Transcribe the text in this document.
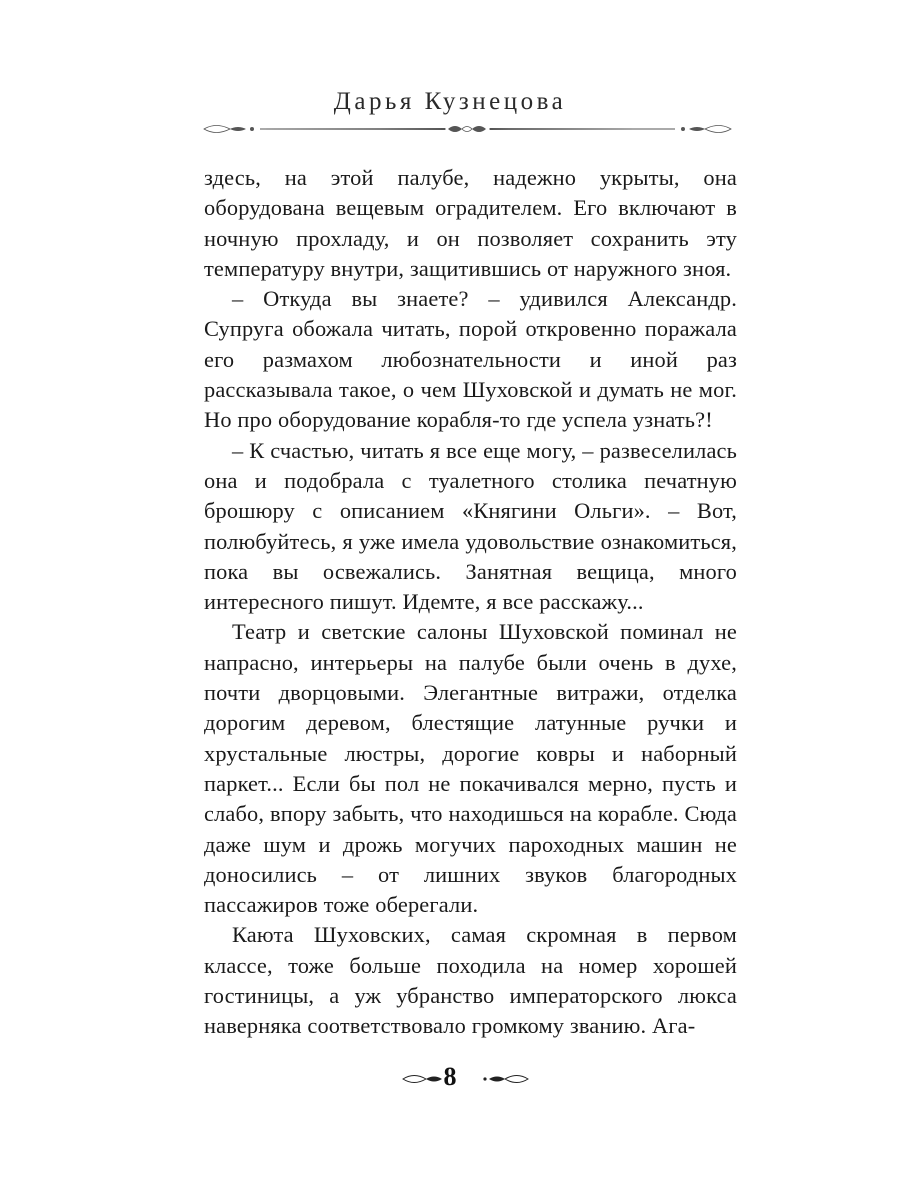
Дарья Кузнецова

здесь, на этой палубе, надежно укрыты, она оборудована вещевым оградителем. Его включают в ночную прохладу, и он позволяет сохранить эту температуру внутри, защитившись от наружного зноя.

– Откуда вы знаете? – удивился Александр. Супруга обожала читать, порой откровенно поражала его размахом любознательности и иной раз рассказывала такое, о чем Шуховской и думать не мог. Но про оборудование корабля-то где успела узнать?!

– К счастью, читать я все еще могу, – развеселилась она и подобрала с туалетного столика печатную брошюру с описанием «Княгини Ольги». – Вот, полюбуйтесь, я уже имела удовольствие ознакомиться, пока вы освежались. Занятная вещица, много интересного пишут. Идемте, я все расскажу...

Театр и светские салоны Шуховской поминал не напрасно, интерьеры на палубе были очень в духе, почти дворцовыми. Элегантные витражи, отделка дорогим деревом, блестящие латунные ручки и хрустальные люстры, дорогие ковры и наборный паркет... Если бы пол не покачивался мерно, пусть и слабо, впору забыть, что находишься на корабле. Сюда даже шум и дрожь могучих пароходных машин не доносились – от лишних звуков благородных пассажиров тоже оберегали.

Каюта Шуховских, самая скромная в первом классе, тоже больше походила на номер хорошей гостиницы, а уж убранство императорского люкса наверняка соответствовало громкому званию. Ага-

8
